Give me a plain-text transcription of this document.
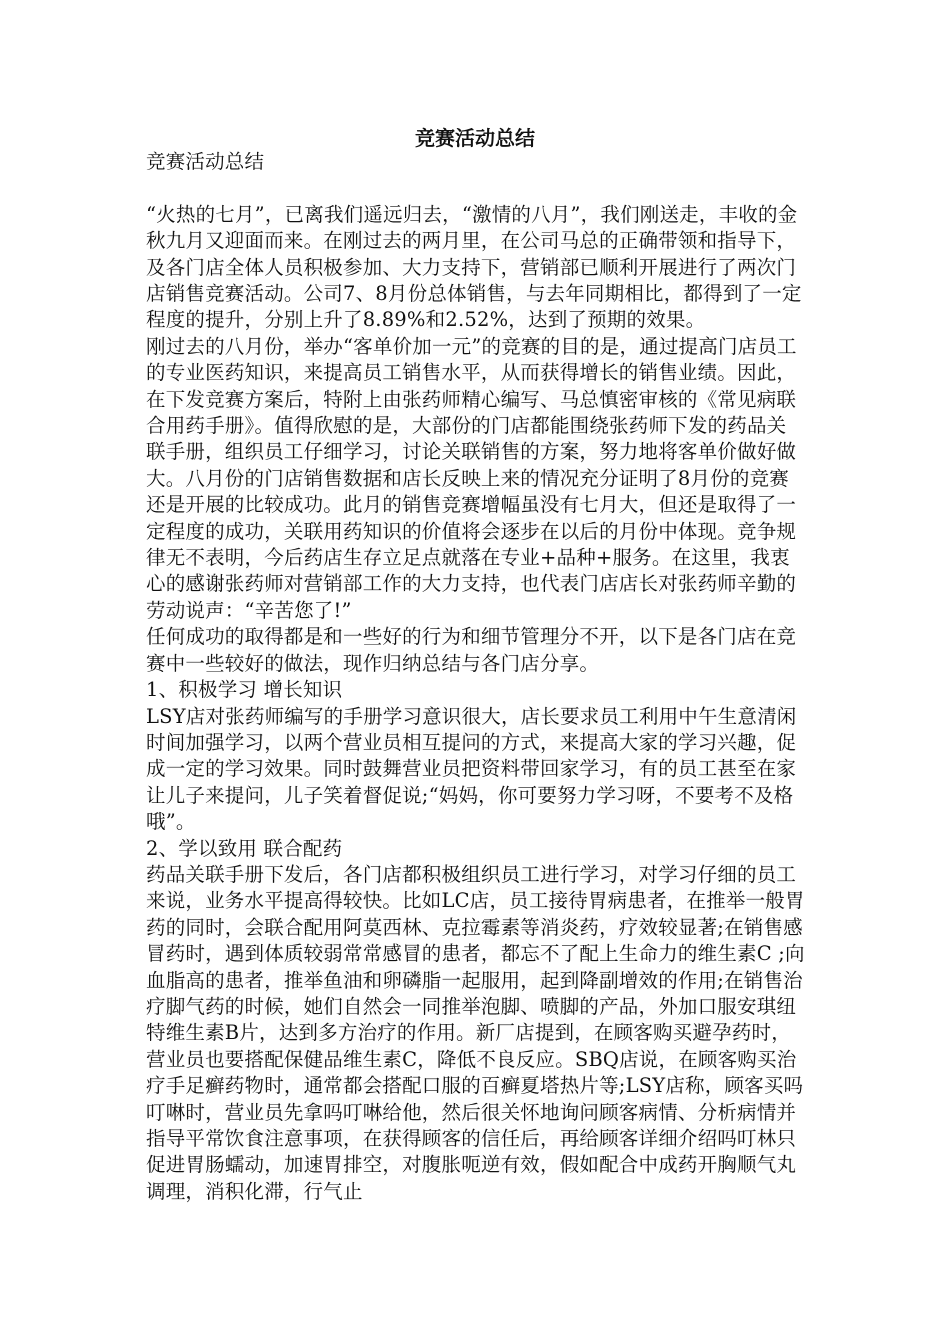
竞赛活动总结

竞赛活动总结

“火热的七月”，已离我们遥远归去，“激情的八月”，我们刚送走，丰收的金秋九月又迎面而来。在刚过去的两月里，在公司马总的正确带领和指导下，及各门店全体人员积极参加、大力支持下，营销部已顺利开展进行了两次门店销售竞赛活动。公司7、8月份总体销售，与去年同期相比，都得到了一定程度的提升，分别上升了8.89%和2.52%，达到了预期的效果。

刚过去的八月份，举办“客单价加一元”的竞赛的目的是，通过提高门店员工的专业医药知识，来提高员工销售水平，从而获得增长的销售业绩。因此，在下发竞赛方案后，特附上由张药师精心编写、马总慎密审核的《常见病联合用药手册》。值得欣慰的是，大部份的门店都能围绕张药师下发的药品关联手册，组织员工仔细学习，讨论关联销售的方案，努力地将客单价做好做大。八月份的门店销售数据和店长反映上来的情况充分证明了8月份的竞赛还是开展的比较成功。此月的销售竞赛增幅虽没有七月大，但还是取得了一定程度的成功，关联用药知识的价值将会逐步在以后的月份中体现。竞争规律无不表明，今后药店生存立足点就落在专业+品种+服务。在这里，我衷心的感谢张药师对营销部工作的大力支持，也代表门店店长对张药师辛勤的劳动说声：“辛苦您了!”

任何成功的取得都是和一些好的行为和细节管理分不开，以下是各门店在竞赛中一些较好的做法，现作归纳总结与各门店分享。

1、积极学习 增长知识

LSY店对张药师编写的手册学习意识很大，店长要求员工利用中午生意清闲时间加强学习，以两个营业员相互提问的方式，来提高大家的学习兴趣，促成一定的学习效果。同时鼓舞营业员把资料带回家学习，有的员工甚至在家让儿子来提问，儿子笑着督促说;“妈妈，你可要努力学习呀，不要考不及格哦”。

2、学以致用 联合配药

药品关联手册下发后，各门店都积极组织员工进行学习，对学习仔细的员工来说，业务水平提高得较快。比如LC店，员工接待胃病患者，在推举一般胃药的同时，会联合配用阿莫西林、克拉霉素等消炎药，疗效较显著;在销售感冒药时，遇到体质较弱常常感冒的患者，都忘不了配上生命力的维生素C ;向血脂高的患者，推举鱼油和卵磷脂一起服用，起到降副增效的作用;在销售治疗脚气药的时候，她们自然会一同推举泡脚、喷脚的产品，外加口服安琪纽特维生素B片，达到多方治疗的作用。新厂店提到，在顾客购买避孕药时，营业员也要搭配保健品维生素C，降低不良反应。SBQ店说，在顾客购买治疗手足癣药物时，通常都会搭配口服的百癣夏塔热片等;LSY店称，顾客买吗叮啉时，营业员先拿吗叮啉给他，然后很关怀地询问顾客病情、分析病情并指导平常饮食注意事项，在获得顾客的信任后，再给顾客详细介绍吗叮林只促进胃肠蠕动，加速胃排空，对腹胀呃逆有效，假如配合中成药开胸顺气丸调理，消积化滞，行气止
